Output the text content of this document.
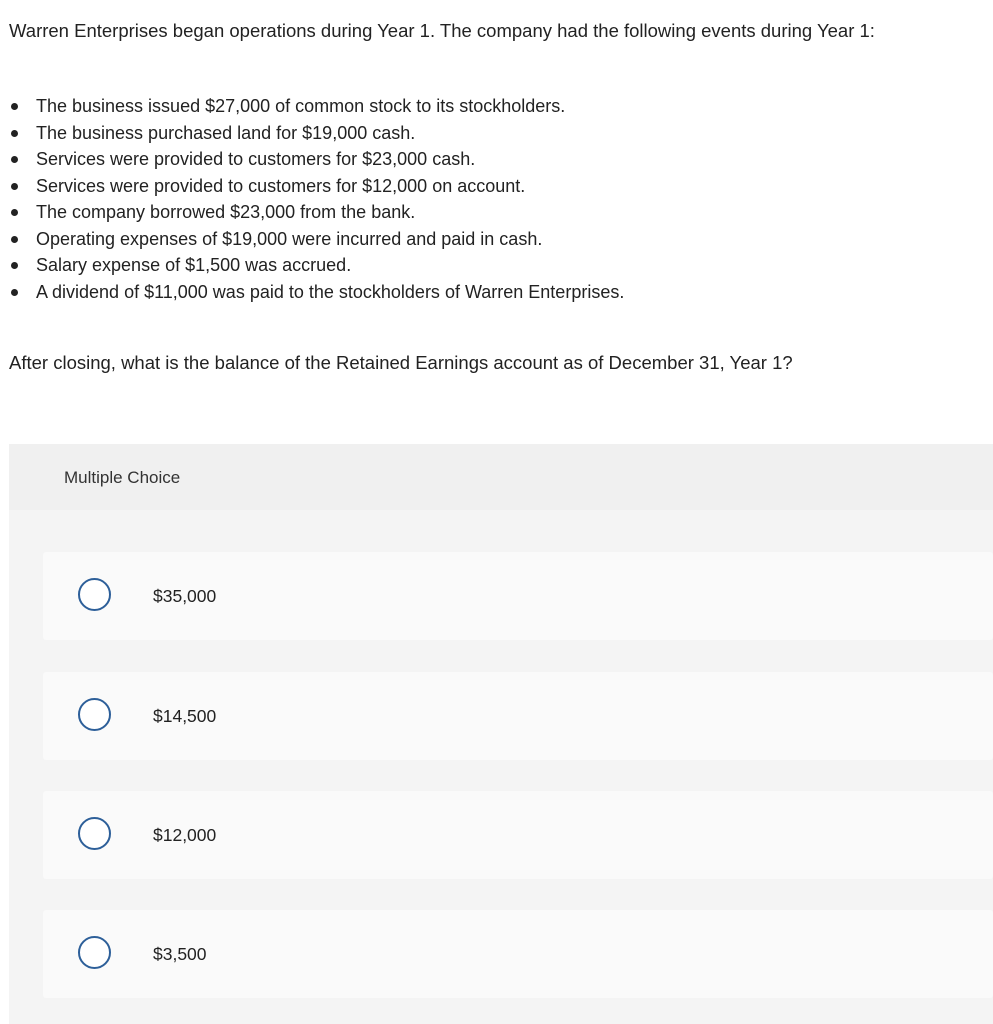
Warren Enterprises began operations during Year 1. The company had the following events during Year 1:

The business issued $27,000 of common stock to its stockholders.
The business purchased land for $19,000 cash.
Services were provided to customers for $23,000 cash.
Services were provided to customers for $12,000 on account.
The company borrowed $23,000 from the bank.
Operating expenses of $19,000 were incurred and paid in cash.
Salary expense of $1,500 was accrued.
A dividend of $11,000 was paid to the stockholders of Warren Enterprises.

After closing, what is the balance of the Retained Earnings account as of December 31, Year 1?

Multiple Choice
$35,000
$14,500
$12,000
$3,500
